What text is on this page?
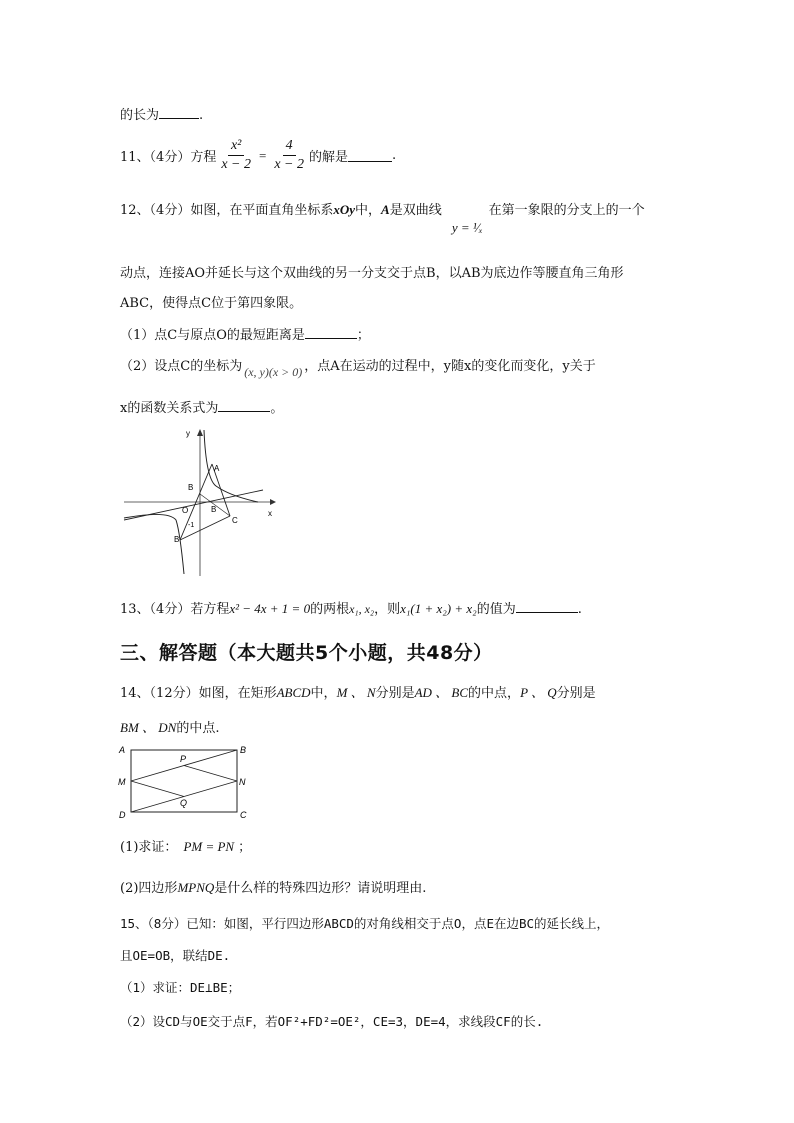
的长为	.
11、（4分）方程 $\frac{\text{x²}}{x - 2} = \frac{4}{x - 2}$ 的解是	.
12、（4分）如图，在平面直角坐标系xOy中，A是双曲线 y = ¹⁄ₓ在第一象限的分支上的一个
动点，连接AO并延长与这个双曲线的另一分支交于点B，以AB为底边作等腰直角三角形
ABC，使得点C位于第四象限。
（1）点C与原点O的最短距离是	；
（2）设点C的坐标为 (x, y)(x > 0) ，点A在运动的过程中，y随x的变化而变化，y关于
x的函数关系式为	。
y
x
A
B
B
O
C
-1
B
13、（4分）若方程x² − 4x + 1 = 0的两根x₁, x₂，则x₁(1 + x₂) + x₂的值为	.
三、解答题（本大题共5个小题，共48分）
14、（12分）如图，在矩形ABCD中，M 、 N分别是AD 、 BC的中点，P 、 Q分别是
BM 、 DN的中点.
A	B
C
D
M	N
P
Q
(1)求证： PM = PN ；
(2)四边形MPNQ是什么样的特殊四边形？请说明理由.
15、（8分）已知：如图，平行四边形ABCD的对角线相交于点O，点E在边BC的延长线上，
且OE=OB，联结DE.
（1）求证：DE⊥BE；
（2）设CD与OE交于点F，若OF²+FD²=OE²，CE=3，DE=4，求线段CF的长.
